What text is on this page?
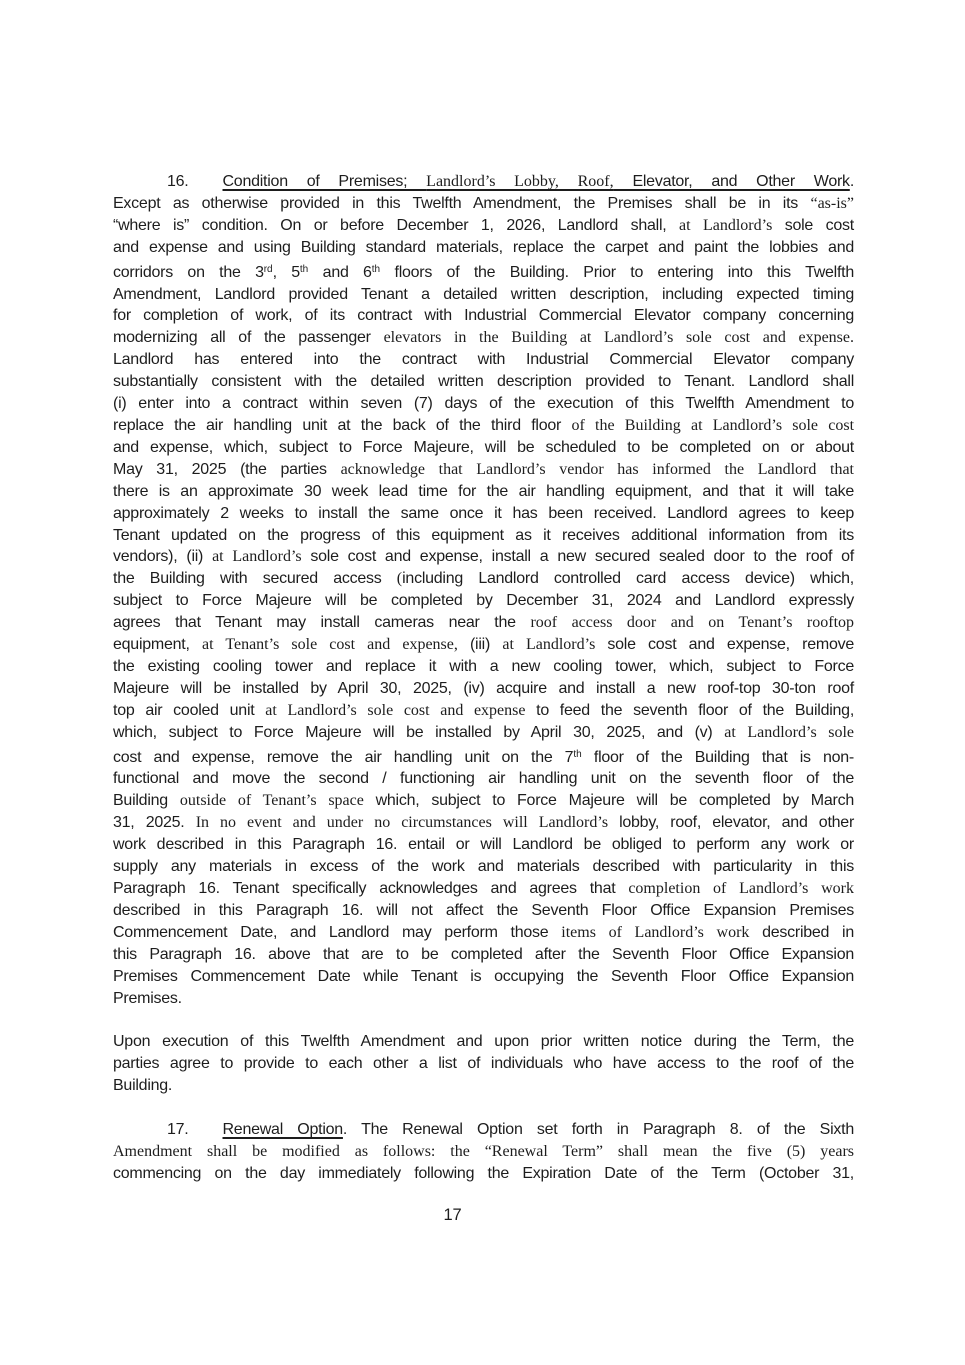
16. Condition of Premises; Landlord’s Lobby, Roof, Elevator, and Other Work.
Except as otherwise provided in this Twelfth Amendment, the Premises shall be in its “as-is”
“where is” condition. On or before December 1, 2026, Landlord shall, at Landlord’s sole cost
and expense and using Building standard materials, replace the carpet and paint the lobbies and
corridors on the 3rd, 5th and 6th floors of the Building. Prior to entering into this Twelfth
Amendment, Landlord provided Tenant a detailed written description, including expected timing
for completion of work, of its contract with Industrial Commercial Elevator company concerning
modernizing all of the passenger elevators in the Building at Landlord’s sole cost and expense.
Landlord has entered into the contract with Industrial Commercial Elevator company
substantially consistent with the detailed written description provided to Tenant. Landlord shall
(i) enter into a contract within seven (7) days of the execution of this Twelfth Amendment to
replace the air handling unit at the back of the third floor of the Building at Landlord’s sole cost
and expense, which, subject to Force Majeure, will be scheduled to be completed on or about
May 31, 2025 (the parties acknowledge that Landlord’s vendor has informed the Landlord that
there is an approximate 30 week lead time for the air handling equipment, and that it will take
approximately 2 weeks to install the same once it has been received. Landlord agrees to keep
Tenant updated on the progress of this equipment as it receives additional information from its
vendors), (ii) at Landlord’s sole cost and expense, install a new secured sealed door to the roof of
the Building with secured access (including Landlord controlled card access device) which,
subject to Force Majeure will be completed by December 31, 2024 and Landlord expressly
agrees that Tenant may install cameras near the roof access door and on Tenant’s rooftop
equipment, at Tenant’s sole cost and expense, (iii) at Landlord’s sole cost and expense, remove
the existing cooling tower and replace it with a new cooling tower, which, subject to Force
Majeure will be installed by April 30, 2025, (iv) acquire and install a new roof-top 30-ton roof
top air cooled unit at Landlord’s sole cost and expense to feed the seventh floor of the Building,
which, subject to Force Majeure will be installed by April 30, 2025, and (v) at Landlord’s sole
cost and expense, remove the air handling unit on the 7th floor of the Building that is non-
functional and move the second / functioning air handling unit on the seventh floor of the
Building outside of Tenant’s space which, subject to Force Majeure will be completed by March
31, 2025. In no event and under no circumstances will Landlord’s lobby, roof, elevator, and other
work described in this Paragraph 16. entail or will Landlord be obliged to perform any work or
supply any materials in excess of the work and materials described with particularity in this
Paragraph 16. Tenant specifically acknowledges and agrees that completion of Landlord’s work
described in this Paragraph 16. will not affect the Seventh Floor Office Expansion Premises
Commencement Date, and Landlord may perform those items of Landlord’s work described in
this Paragraph 16. above that are to be completed after the Seventh Floor Office Expansion
Premises Commencement Date while Tenant is occupying the Seventh Floor Office Expansion
Premises.
Upon execution of this Twelfth Amendment and upon prior written notice during the Term, the
parties agree to provide to each other a list of individuals who have access to the roof of the
Building.
17. Renewal Option. The Renewal Option set forth in Paragraph 8. of the Sixth
Amendment shall be modified as follows: the “Renewal Term” shall mean the five (5) years
commencing on the day immediately following the Expiration Date of the Term (October 31,
17
